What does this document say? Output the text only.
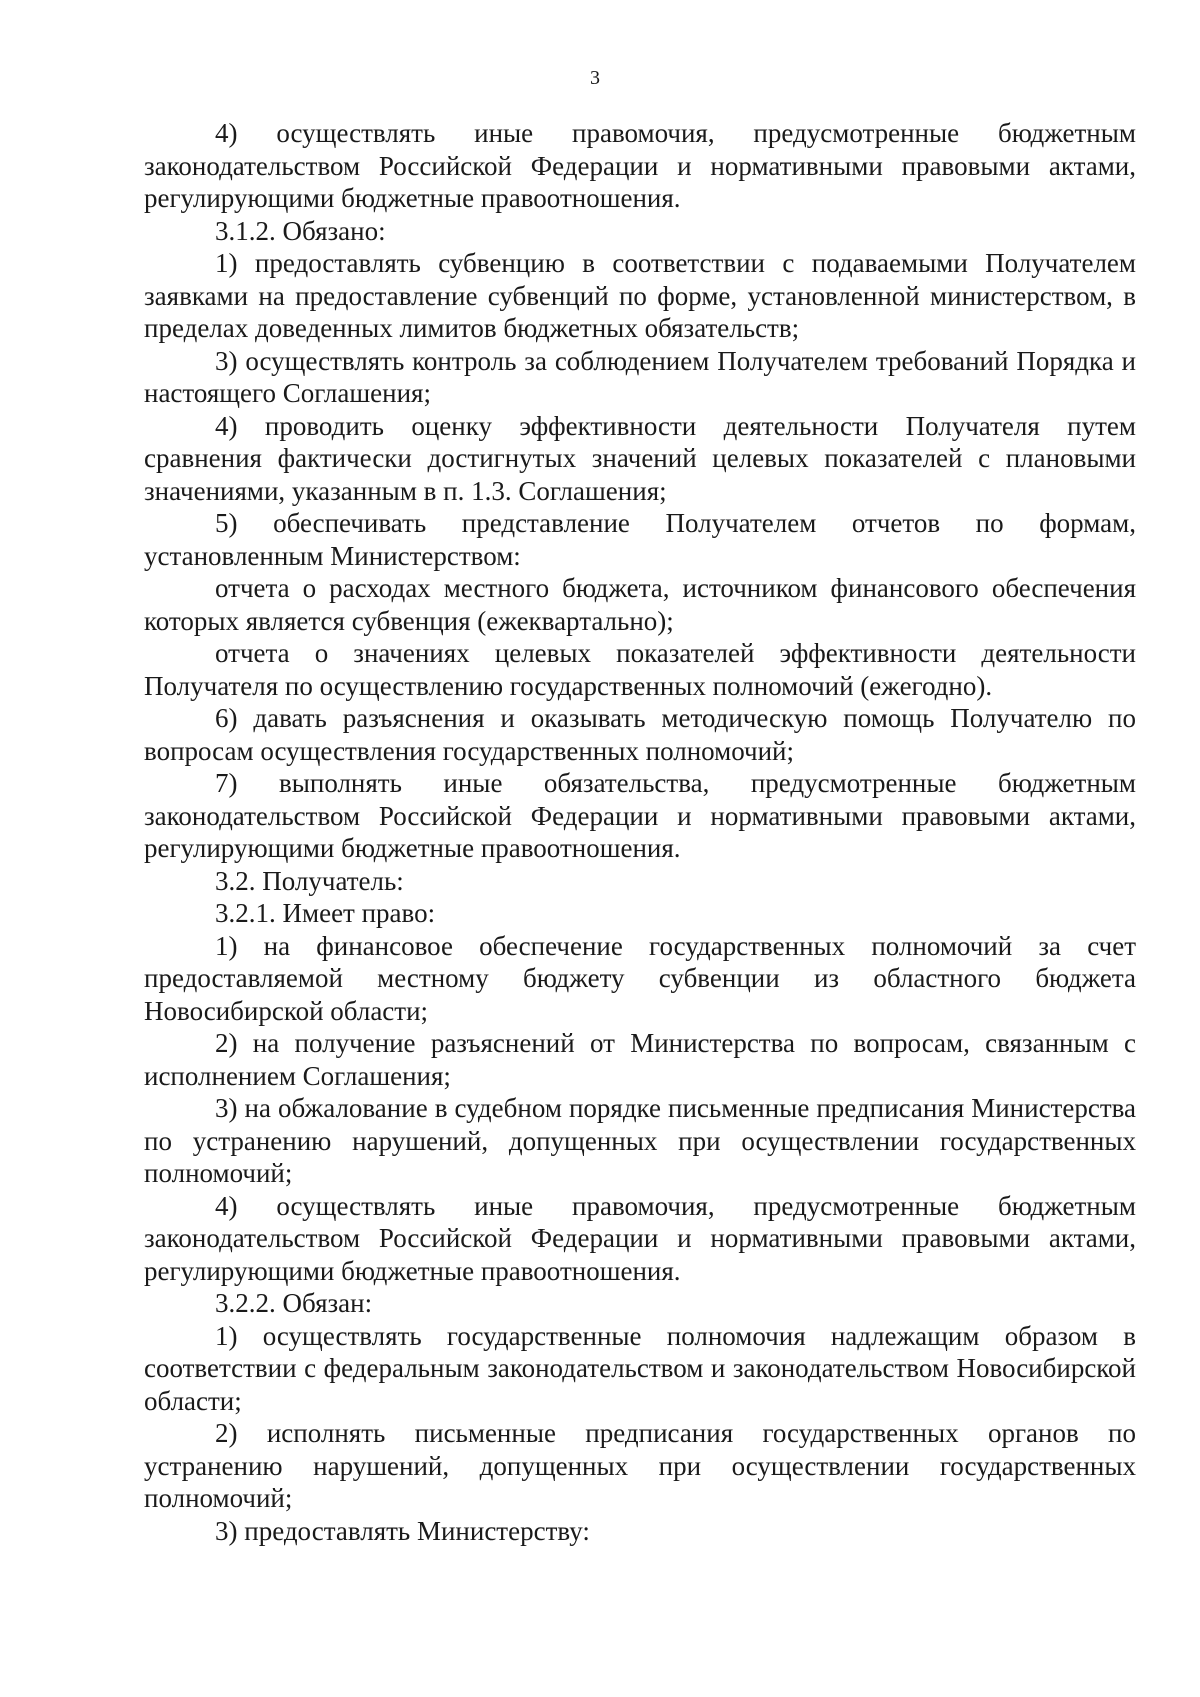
3

4) осуществлять иные правомочия, предусмотренные бюджетным законодательством Российской Федерации и нормативными правовыми актами, регулирующими бюджетные правоотношения.

3.1.2. Обязано:

1) предоставлять субвенцию в соответствии с подаваемыми Получателем заявками на предоставление субвенций по форме, установленной министерством, в пределах доведенных лимитов бюджетных обязательств;

3) осуществлять контроль за соблюдением Получателем требований Порядка и настоящего Соглашения;

4) проводить оценку эффективности деятельности Получателя путем сравнения фактически достигнутых значений целевых показателей с плановыми значениями, указанным в п. 1.3. Соглашения;

5) обеспечивать представление Получателем отчетов по формам, установленным Министерством:

отчета о расходах местного бюджета, источником финансового обеспечения которых является субвенция (ежеквартально);

отчета о значениях целевых показателей эффективности деятельности Получателя по осуществлению государственных полномочий (ежегодно).

6) давать разъяснения и оказывать методическую помощь Получателю по вопросам осуществления государственных полномочий;

7) выполнять иные обязательства, предусмотренные бюджетным законодательством Российской Федерации и нормативными правовыми актами, регулирующими бюджетные правоотношения.

3.2. Получатель:

3.2.1. Имеет право:

1) на финансовое обеспечение государственных полномочий за счет предоставляемой местному бюджету субвенции из областного бюджета Новосибирской области;

2) на получение разъяснений от Министерства по вопросам, связанным с исполнением Соглашения;

3) на обжалование в судебном порядке письменные предписания Министерства по устранению нарушений, допущенных при осуществлении государственных полномочий;

4) осуществлять иные правомочия, предусмотренные бюджетным законодательством Российской Федерации и нормативными правовыми актами, регулирующими бюджетные правоотношения.

3.2.2. Обязан:

1) осуществлять государственные полномочия надлежащим образом в соответствии с федеральным законодательством и законодательством Новосибирской области;

2) исполнять письменные предписания государственных органов по устранению нарушений, допущенных при осуществлении государственных полномочий;

3) предоставлять Министерству:
